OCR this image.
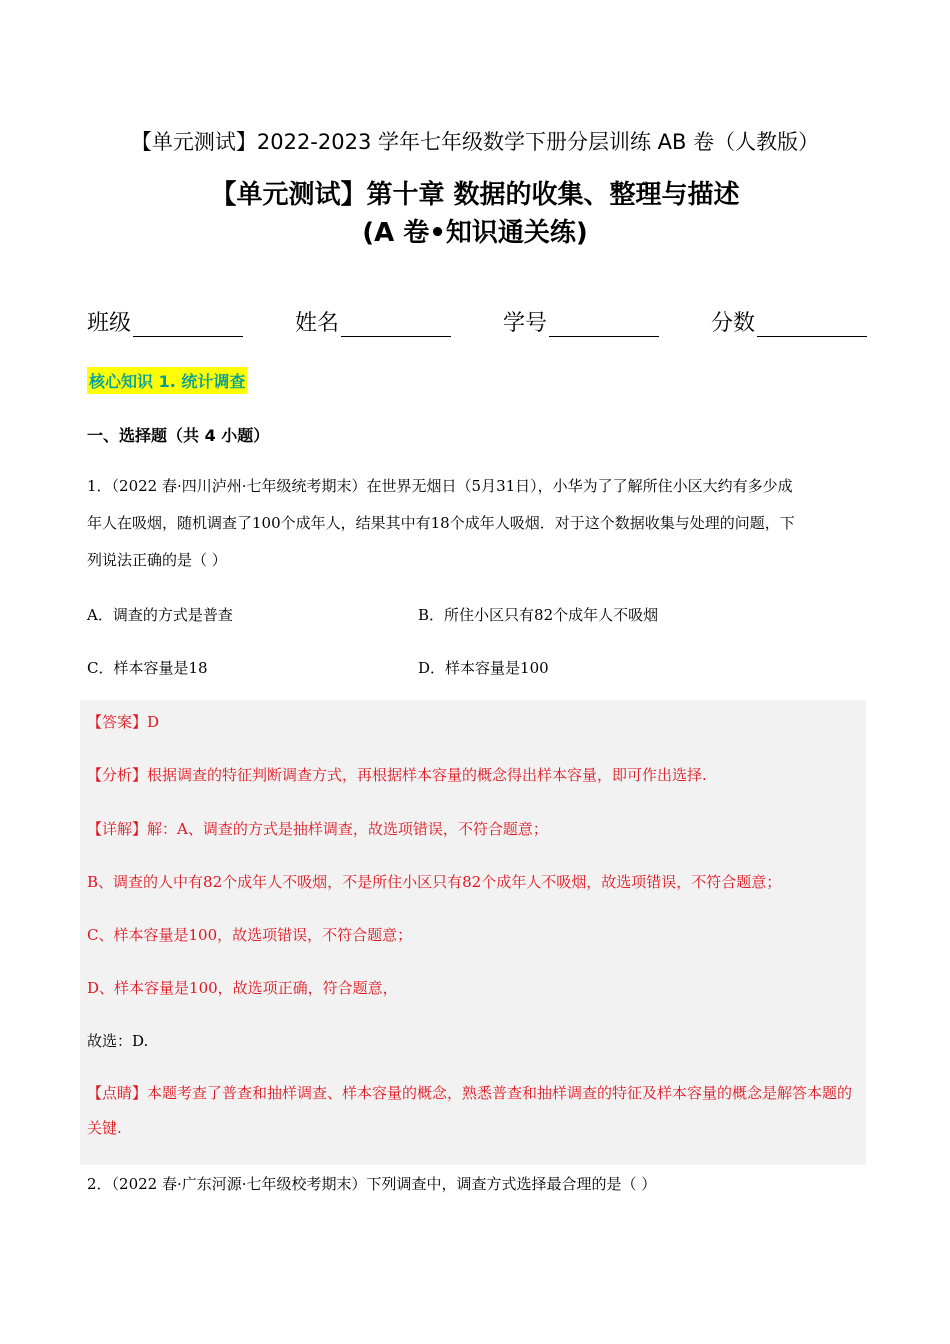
【单元测试】2022-2023 学年七年级数学下册分层训练 AB 卷（人教版）
【单元测试】第十章 数据的收集、整理与描述
(A 卷•知识通关练)
班级	姓名	学号	分数
核心知识 1. 统计调查
一、选择题（共 4 小题）
1．（2022 春·四川泸州·七年级统考期末）在世界无烟日（5月31日），小华为了了解所住小区大约有多少成
年人在吸烟，随机调查了100个成年人，结果其中有18个成年人吸烟．对于这个数据收集与处理的问题，下
列说法正确的是（ ）
A．调查的方式是普查	B．所住小区只有82个成年人不吸烟
C．样本容量是18	D．样本容量是100
【答案】D
【分析】根据调查的特征判断调查方式，再根据样本容量的概念得出样本容量，即可作出选择.
【详解】解：A、调查的方式是抽样调查，故选项错误，不符合题意；
B、调查的人中有82个成年人不吸烟，不是所住小区只有82个成年人不吸烟，故选项错误，不符合题意；
C、样本容量是100，故选项错误，不符合题意；
D、样本容量是100，故选项正确，符合题意，
故选：D.
【点睛】本题考查了普查和抽样调查、样本容量的概念，熟悉普查和抽样调查的特征及样本容量的概念是解答本题的关键.
2．（2022 春·广东河源·七年级校考期末）下列调查中，调查方式选择最合理的是（ ）
